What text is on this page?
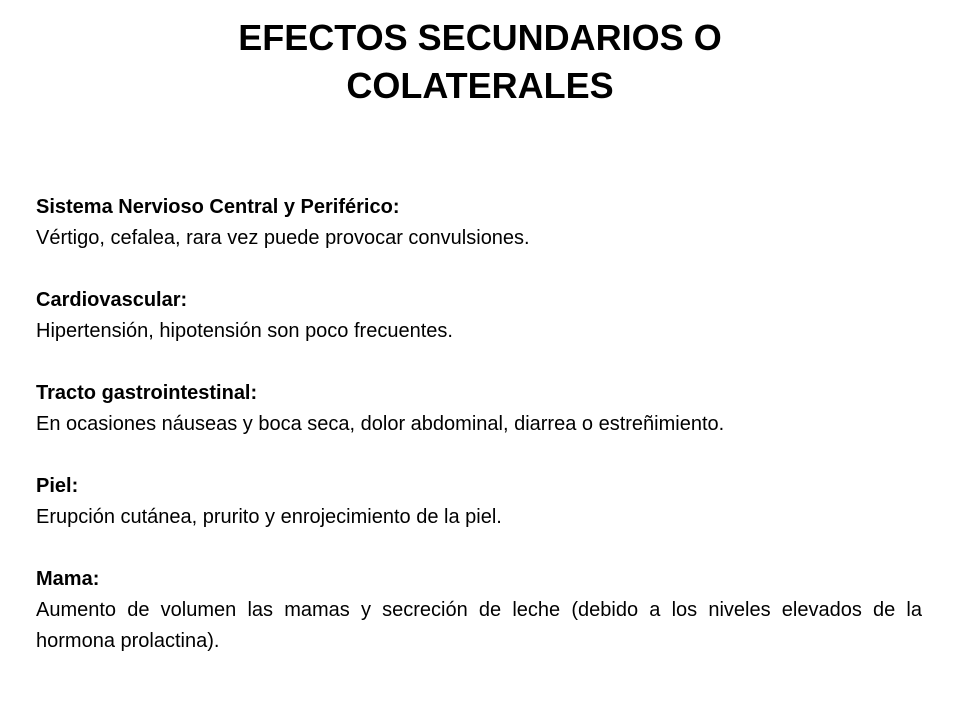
EFECTOS SECUNDARIOS O
COLATERALES
Sistema Nervioso Central y Periférico:
Vértigo, cefalea, rara vez puede provocar convulsiones.
Cardiovascular:
Hipertensión, hipotensión son poco frecuentes.
Tracto gastrointestinal:
En ocasiones náuseas y boca seca, dolor abdominal, diarrea o estreñimiento.
Piel:
Erupción cutánea, prurito y enrojecimiento de la piel.
Mama:
Aumento de volumen las mamas y secreción de leche (debido a los niveles elevados de la hormona prolactina).
